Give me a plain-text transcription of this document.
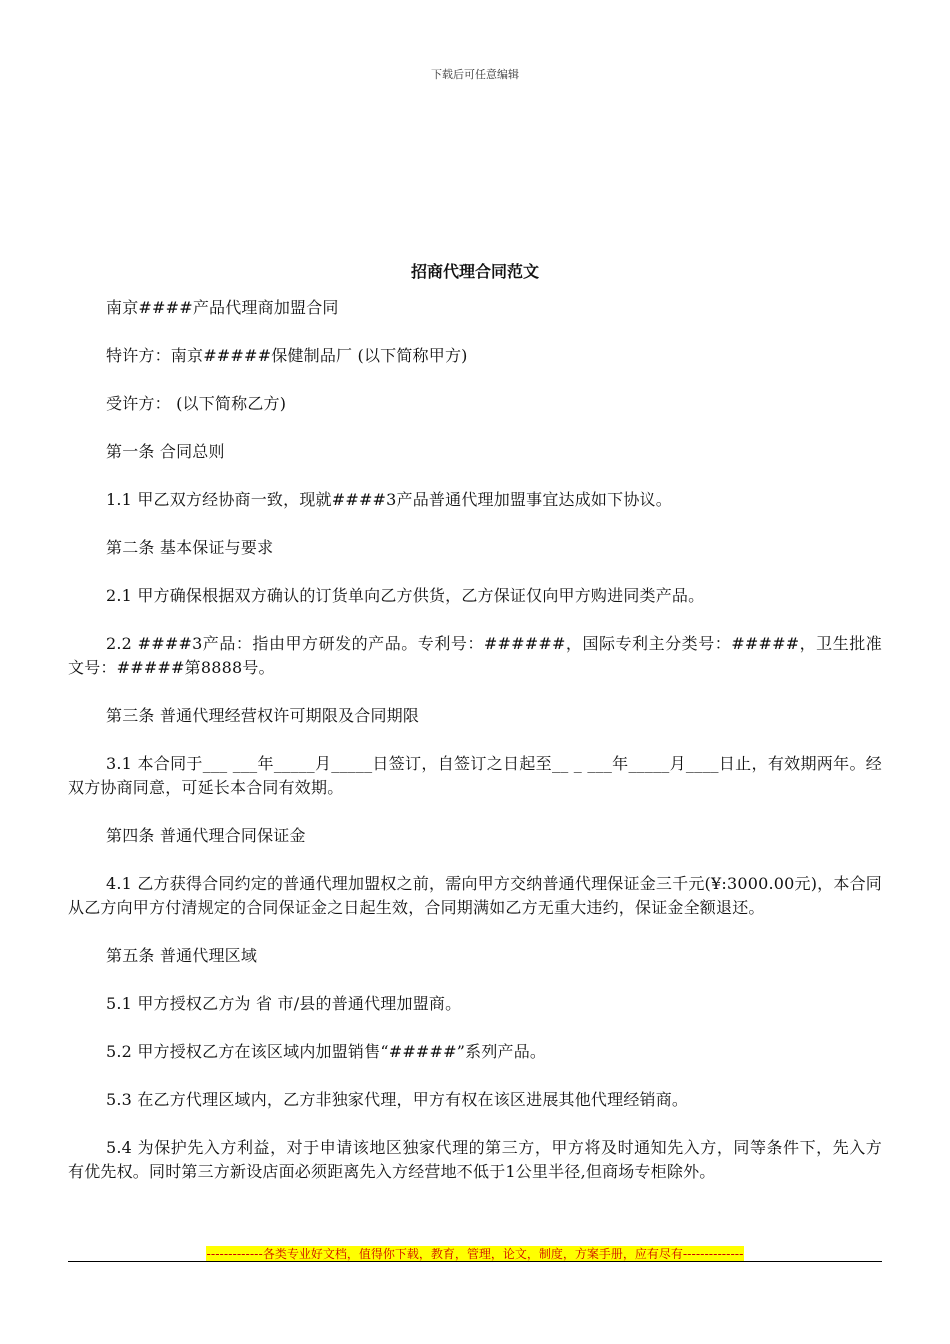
下载后可任意编辑
招商代理合同范文

南京####产品代理商加盟合同

特许方：南京#####保健制品厂 (以下简称甲方)

受许方： (以下简称乙方)

第一条 合同总则

1.1 甲乙双方经协商一致，现就####3产品普通代理加盟事宜达成如下协议。

第二条 基本保证与要求

2.1 甲方确保根据双方确认的订货单向乙方供货，乙方保证仅向甲方购进同类产品。

2.2 ####3产品：指由甲方研发的产品。专利号：######，国际专利主分类号：#####，卫生批准文号：#####第8888号。

第三条 普通代理经营权许可期限及合同期限

3.1 本合同于___ ___年_____月_____日签订，自签订之日起至__ _ ___年_____月____日止，有效期两年。经双方协商同意，可延长本合同有效期。

第四条 普通代理合同保证金

4.1 乙方获得合同约定的普通代理加盟权之前，需向甲方交纳普通代理保证金三千元(¥:3000.00元)，本合同从乙方向甲方付清规定的合同保证金之日起生效，合同期满如乙方无重大违约，保证金全额退还。

第五条 普通代理区域

5.1 甲方授权乙方为 省 市/县的普通代理加盟商。

5.2 甲方授权乙方在该区域内加盟销售“#####”系列产品。

5.3 在乙方代理区域内，乙方非独家代理，甲方有权在该区进展其他代理经销商。

5.4 为保护先入方利益，对于申请该地区独家代理的第三方，甲方将及时通知先入方，同等条件下，先入方有优先权。同时第三方新设店面必须距离先入方经营地不低于1公里半径,但商场专柜除外。

-------------各类专业好文档，值得你下载，教育，管理，论文，制度，方案手册，应有尽有--------------
